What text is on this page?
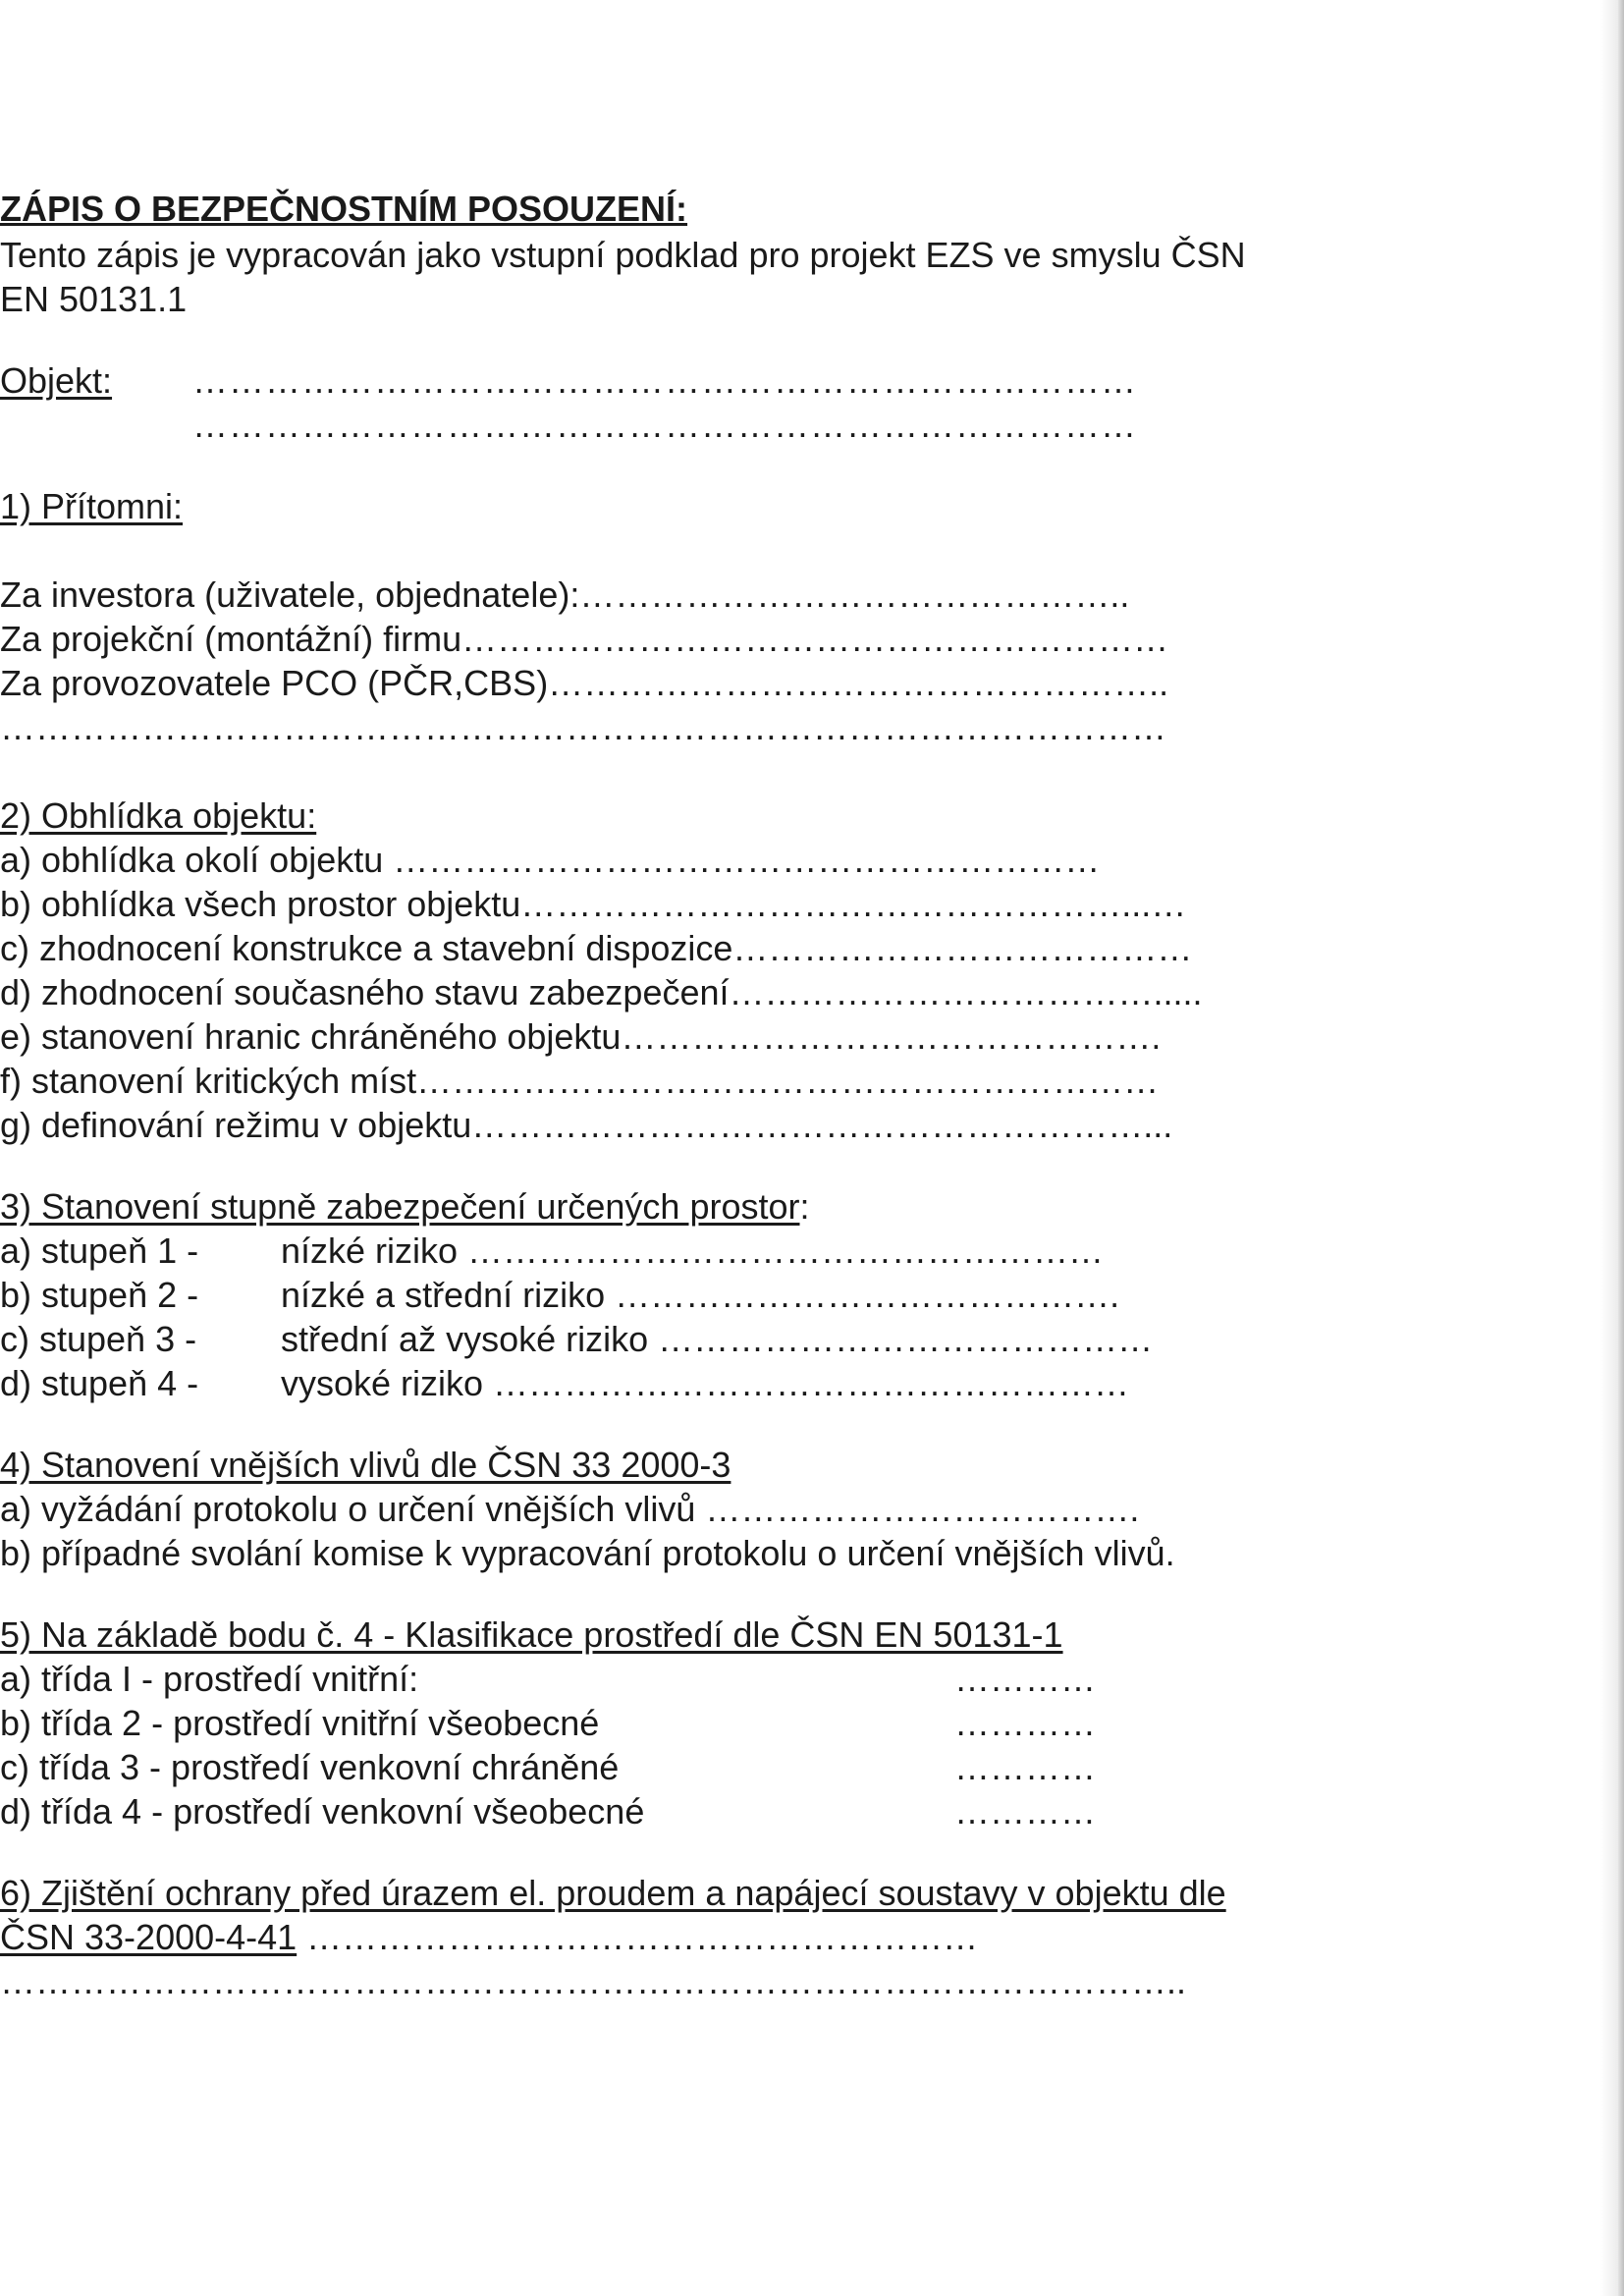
ZÁPIS O BEZPEČNOSTNÍM POSOUZENÍ:
Tento zápis je vypracován jako vstupní podklad pro projekt EZS ve smyslu ČSN
EN 50131.1
Objekt:	……………………………………………………………………
……………………………………………………………………
1) Přítomni:
Za investora (uživatele, objednatele):………………………………………..
Za projekční (montážní) firmu……………………………………………………
Za provozovatele PCO (PČR,CBS)……………………………………………..
………………………………………………………………………………………
2) Obhlídka objektu:
a) obhlídka okolí objektu ……………………………………………………
b) obhlídka všech prostor objektu……………………………………………...…
c) zhodnocení konstrukce a stavební dispozice…………………………………
d) zhodnocení současného stavu zabezpečení……………………………….....
e) stanovení hranic chráněného objektu……………………………………….
f) stanovení kritických míst………………………………………………………
g) definování režimu v objektu…………………………………………………...
3) Stanovení stupně zabezpečení určených prostor:
a) stupeň 1 -	nízké riziko ………………………………………………
b) stupeň 2 -	nízké a střední riziko …………………………………….
c) stupeň 3 -	střední až vysoké riziko ……………………………………
d) stupeň 4 -	vysoké riziko ………………………………………………
4) Stanovení vnějších vlivů dle ČSN 33 2000-3
a) vyžádání protokolu o určení vnějších vlivů ……………………………….
b) případné svolání komise k vypracování protokolu o určení vnějších vlivů.
5) Na základě bodu č. 4 - Klasifikace prostředí dle ČSN EN 50131-1
a) třída I - prostředí vnitřní:	…………
b) třída 2 - prostředí vnitřní všeobecné	…………
c) třída 3 - prostředí venkovní chráněné	…………
d) třída 4 - prostředí venkovní všeobecné	…………
6) Zjištění ochrany před úrazem el. proudem a napájecí soustavy v objektu dle
ČSN 33-2000-4-41 …………………………………………………
………………………………………………………………………………………..
